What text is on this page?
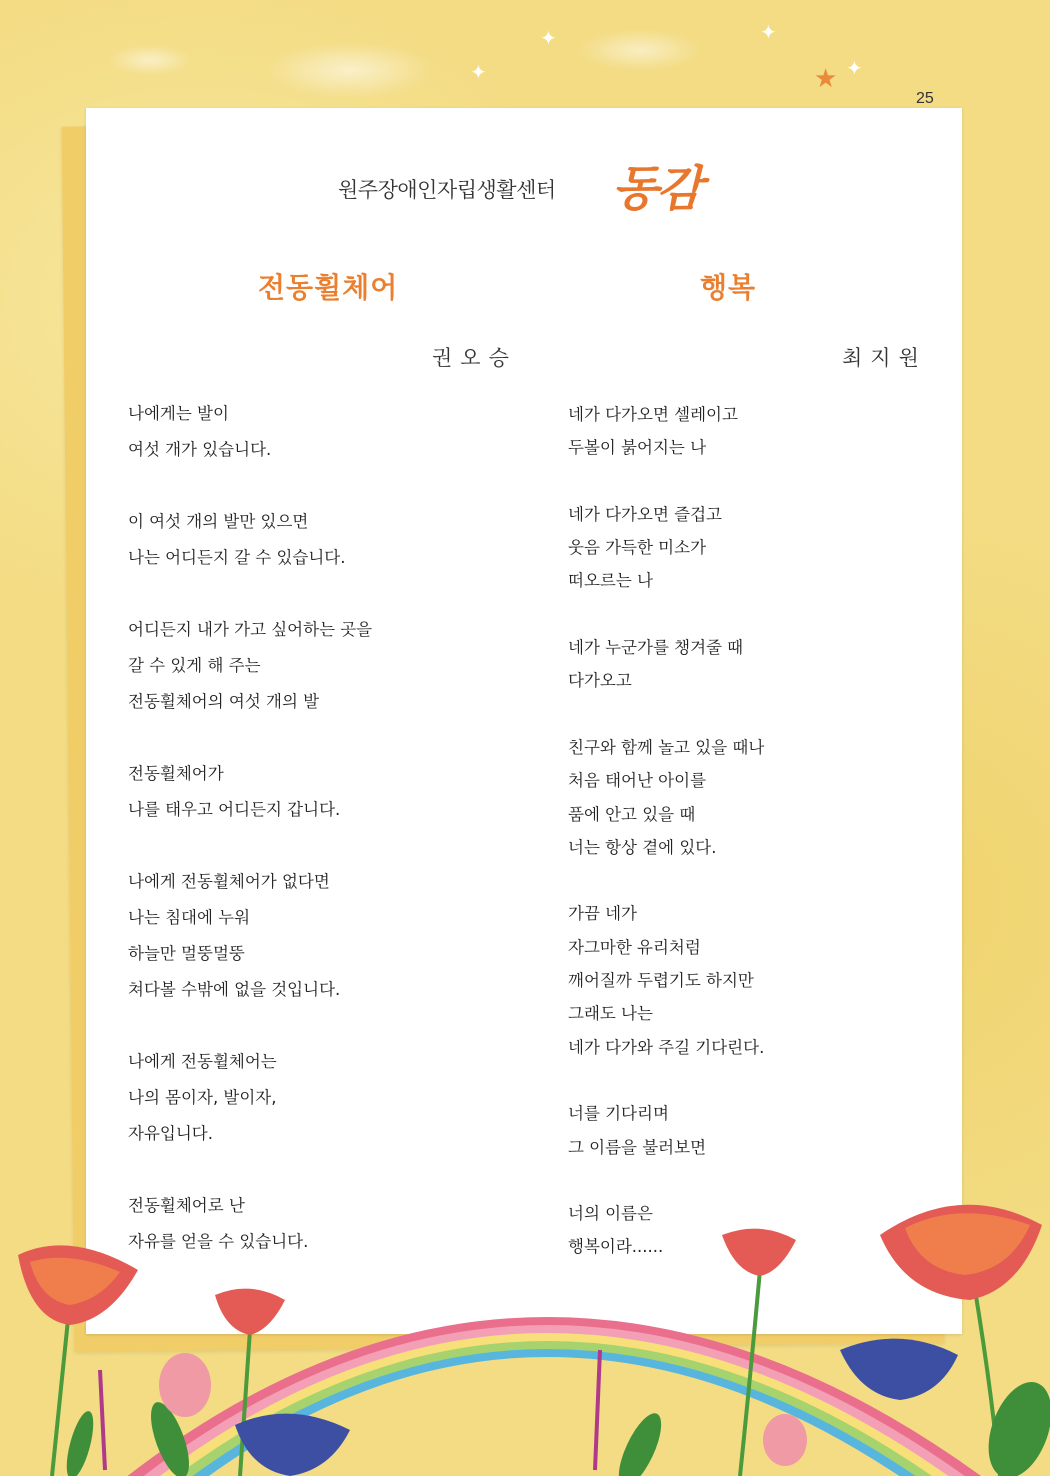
✦
✦	✦
✦
★
25
원주장애인자립생활센터 동감
전동휠체어	행복
권오승	최지원
나에게는 발이
여섯 개가 있습니다.
이 여섯 개의 발만 있으면
나는 어디든지 갈 수 있습니다.
어디든지 내가 가고 싶어하는 곳을
갈 수 있게 해 주는
전동휠체어의 여섯 개의 발
전동휠체어가
나를 태우고 어디든지 갑니다.
나에게 전동휠체어가 없다면
나는 침대에 누워
하늘만 멀뚱멀뚱
쳐다볼 수밖에 없을 것입니다.
나에게 전동휠체어는
나의 몸이자, 발이자,
자유입니다.
전동휠체어로 난
자유를 얻을 수 있습니다.
네가 다가오면 셀레이고
두볼이 붉어지는 나
네가 다가오면 즐겁고
웃음 가득한 미소가
떠오르는 나
네가 누군가를 챙겨줄 때
다가오고
친구와 함께 놀고 있을 때나
처음 태어난 아이를
품에 안고 있을 때
너는 항상 곁에 있다.
가끔 네가
자그마한 유리처럼
깨어질까 두렵기도 하지만
그래도 나는
네가 다가와 주길 기다린다.
너를 기다리며
그 이름을 불러보면
너의 이름은
행복이라......
